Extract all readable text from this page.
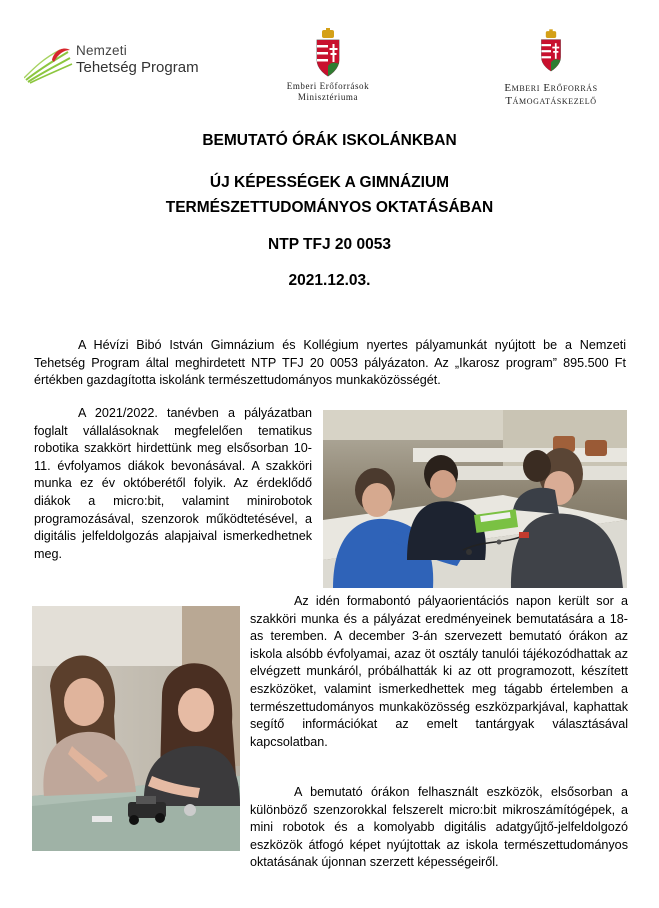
Nemzeti
Tehetség Program
Emberi Erőforrások
Minisztériuma
Emberi Erőforrás
Támogatáskezelő
BEMUTATÓ ÓRÁK ISKOLÁNKBAN
ÚJ KÉPESSÉGEK A GIMNÁZIUM TERMÉSZETTUDOMÁNYOS OKTATÁSÁBAN
NTP TFJ 20 0053
2021.12.03.
A Hévízi Bibó István Gimnázium és Kollégium nyertes pályamunkát nyújtott be a Nemzeti Tehetség Program által meghirdetett NTP TFJ 20 0053 pályázaton. Az „Ikarosz program” 895.500 Ft értékben gazdagította iskolánk természettudományos munkaközösségét.
A 2021/2022. tanévben a pályázatban foglalt vállalásoknak megfelelően tematikus robotika szakkört hirdettünk meg elsősorban 10-11. évfolyamos diákok bevonásával. A szakköri munka ez év októberétől folyik. Az érdeklődő diákok a micro:bit, valamint minirobotok programozásával, szenzorok működtetésével, a digitális jelfeldolgozás alapjaival ismerkedhetnek meg.
Az idén formabontó pályaorientációs napon került sor a szakköri munka és a pályázat eredményeinek bemutatására a 18-as teremben. A december 3-án szervezett bemutató órákon az iskola alsóbb évfolyamai, azaz öt osztály tanulói tájékozódhattak az elvégzett munkáról, próbálhatták ki az ott programozott, készített eszközöket, valamint ismerkedhettek meg tágabb értelemben a természettudományos munkaközösség eszközparkjával, kaphattak segítő információkat az emelt tantárgyak választásával kapcsolatban.
A bemutató órákon felhasznált eszközök, elsősorban a különböző szenzorokkal felszerelt micro:bit mikroszámítógépek, a mini robotok és a komolyabb digitális adatgyűjtő-jelfeldolgozó eszközök átfogó képet nyújtottak az iskola természettudományos oktatásának újonnan szerzett képességeiről.
